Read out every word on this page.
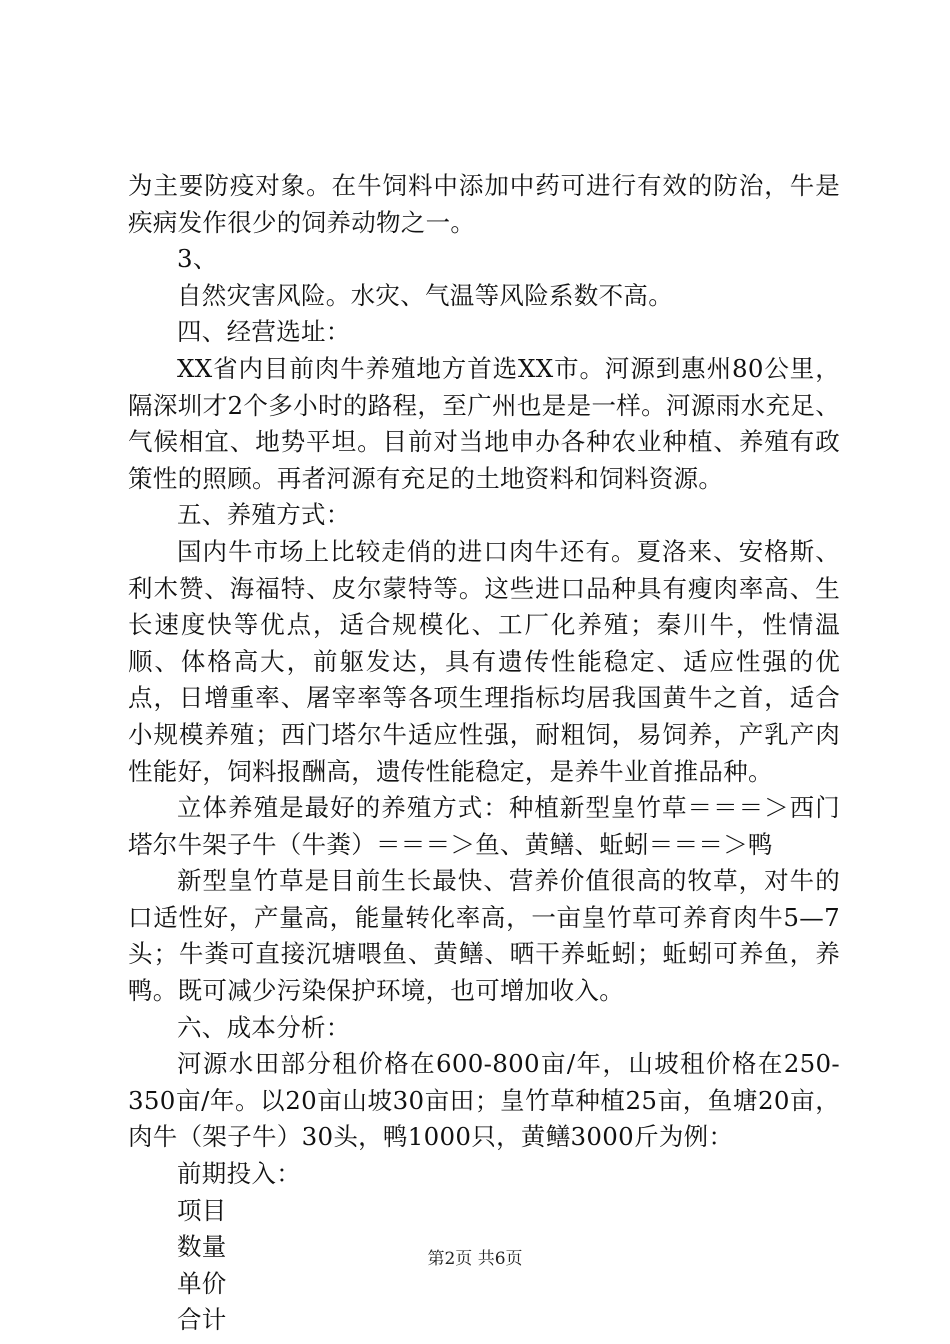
为主要防疫对象。在牛饲料中添加中药可进行有效的防治，牛是疾病发作很少的饲养动物之一。

3、

自然灾害风险。水灾、气温等风险系数不高。

四、经营选址：

XX省内目前肉牛养殖地方首选XX市。河源到惠州80公里，隔深圳才2个多小时的路程，至广州也是是一样。河源雨水充足、气候相宜、地势平坦。目前对当地申办各种农业种植、养殖有政策性的照顾。再者河源有充足的土地资料和饲料资源。

五、养殖方式：

国内牛市场上比较走俏的进口肉牛还有。夏洛来、安格斯、利木赞、海福特、皮尔蒙特等。这些进口品种具有瘦肉率高、生长速度快等优点，适合规模化、工厂化养殖；秦川牛，性情温顺、体格高大，前躯发达，具有遗传性能稳定、适应性强的优点，日增重率、屠宰率等各项生理指标均居我国黄牛之首，适合小规模养殖；西门塔尔牛适应性强，耐粗饲，易饲养，产乳产肉性能好，饲料报酬高，遗传性能稳定，是养牛业首推品种。

立体养殖是最好的养殖方式：种植新型皇竹草＝＝＝＞西门塔尔牛架子牛（牛粪）＝＝＝＞鱼、黄鳝、蚯蚓＝＝＝＞鸭

新型皇竹草是目前生长最快、营养价值很高的牧草，对牛的口适性好，产量高，能量转化率高，一亩皇竹草可养育肉牛5—7头；牛粪可直接沉塘喂鱼、黄鳝、晒干养蚯蚓；蚯蚓可养鱼，养鸭。既可减少污染保护环境，也可增加收入。

六、成本分析：

河源水田部分租价格在600-800亩/年，山坡租价格在250-350亩/年。以20亩山坡30亩田；皇竹草种植25亩，鱼塘20亩，肉牛（架子牛）30头，鸭1000只，黄鳝3000斤为例：

前期投入：

项目

数量

单价

合计

第2页 共6页
